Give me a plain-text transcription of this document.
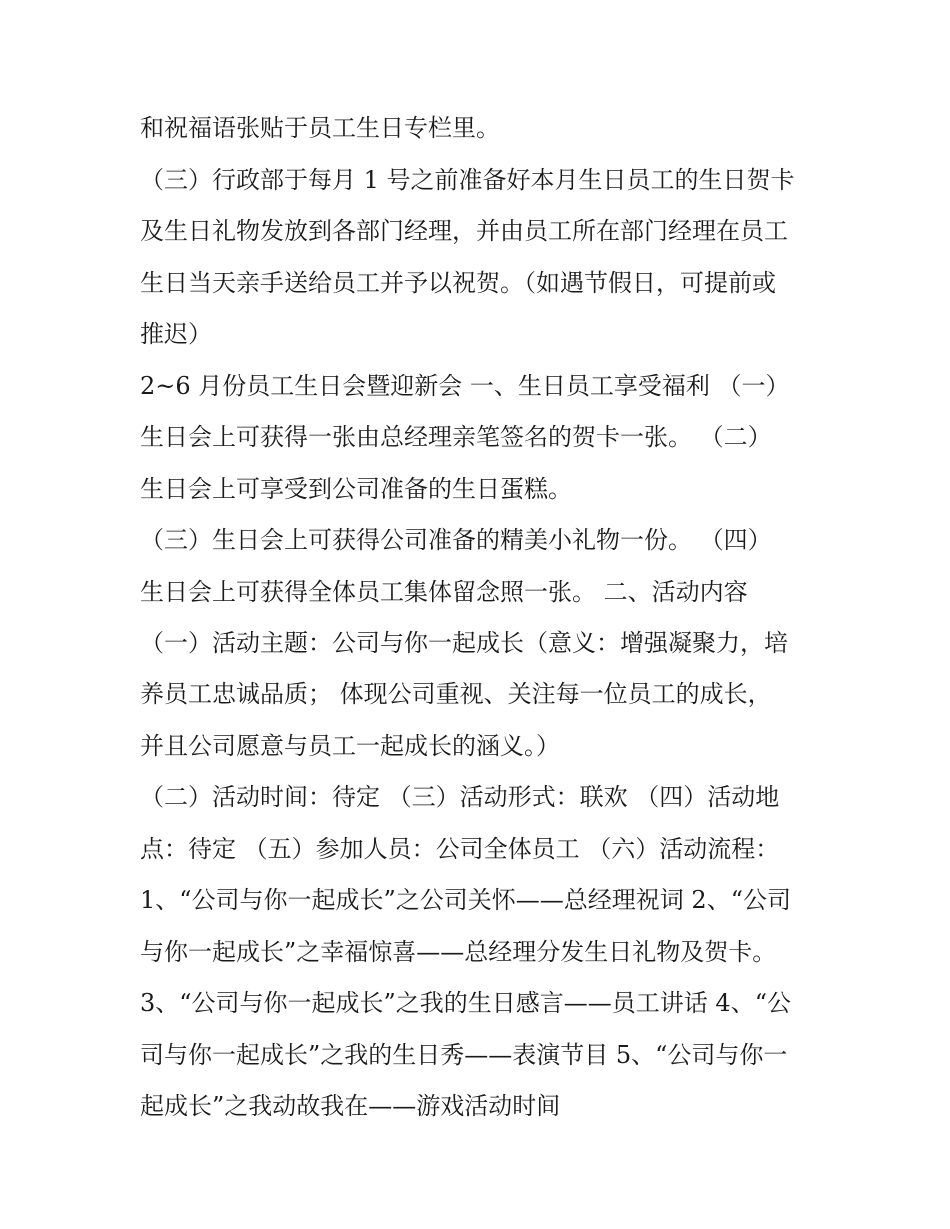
和祝福语张贴于员工生日专栏里。
（三）行政部于每月 1 号之前准备好本月生日员工的生日贺卡
及生日礼物发放到各部门经理，并由员工所在部门经理在员工
生日当天亲手送给员工并予以祝贺。（如遇节假日，可提前或
推迟）
2~6 月份员工生日会暨迎新会 一、生日员工享受福利 （一）
生日会上可获得一张由总经理亲笔签名的贺卡一张。 （二）
生日会上可享受到公司准备的生日蛋糕。
（三）生日会上可获得公司准备的精美小礼物一份。 （四）
生日会上可获得全体员工集体留念照一张。 二、活动内容
（一）活动主题：公司与你一起成长（意义：增强凝聚力，培
养员工忠诚品质； 体现公司重视、关注每一位员工的成长，
并且公司愿意与员工一起成长的涵义。）
（二）活动时间：待定 （三）活动形式：联欢 （四）活动地
点：待定 （五）参加人员：公司全体员工 （六）活动流程：
1、“公司与你一起成长”之公司关怀——总经理祝词 2、“公司
与你一起成长”之幸福惊喜——总经理分发生日礼物及贺卡。
3、“公司与你一起成长”之我的生日感言——员工讲话 4、“公
司与你一起成长”之我的生日秀——表演节目 5、“公司与你一
起成长”之我动故我在——游戏活动时间
